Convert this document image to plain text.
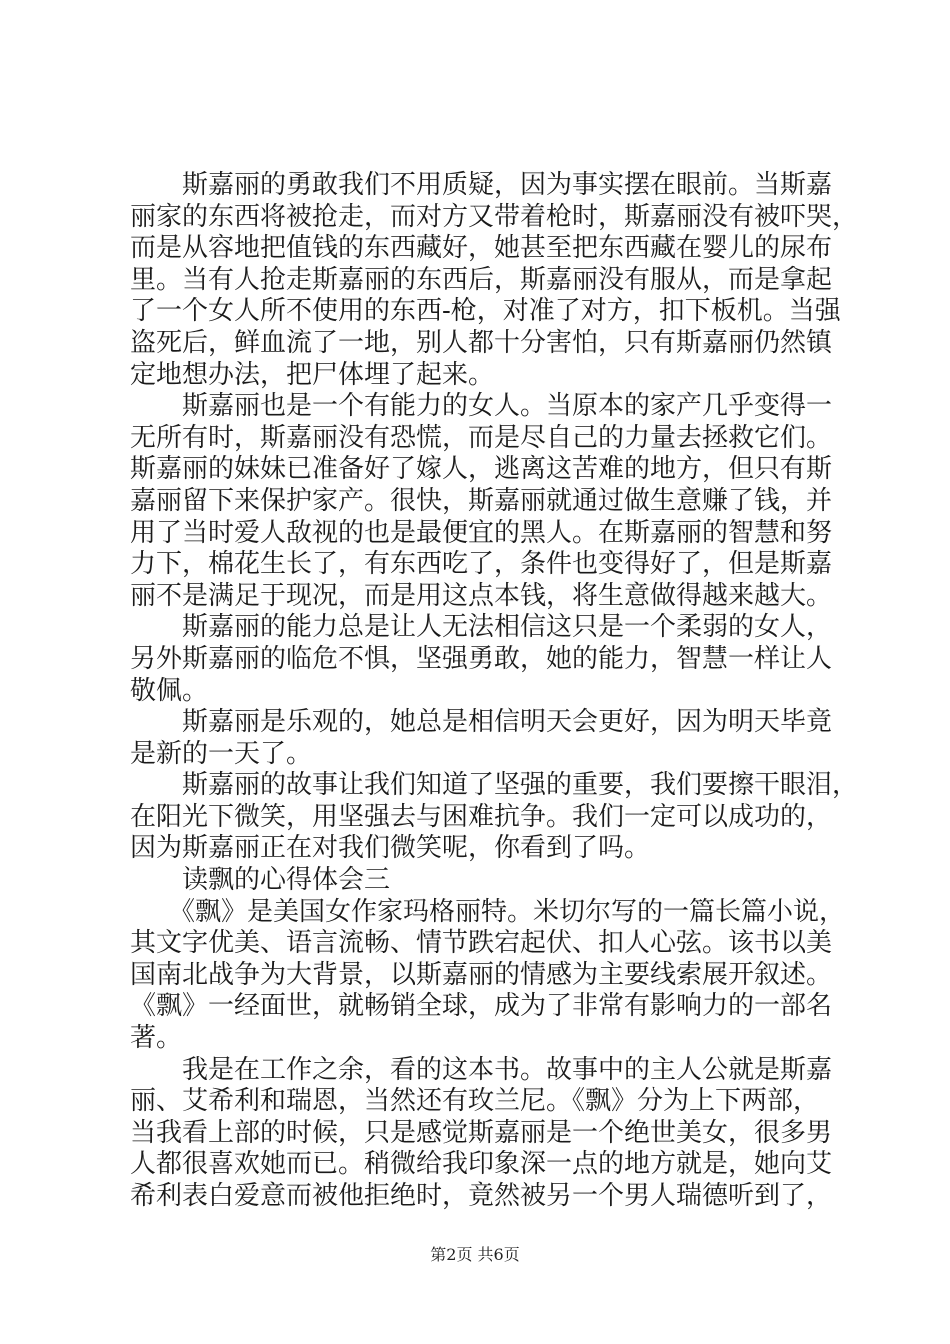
　　斯嘉丽的勇敢我们不用质疑，因为事实摆在眼前。当斯嘉
丽家的东西将被抢走，而对方又带着枪时，斯嘉丽没有被吓哭，
而是从容地把值钱的东西藏好，她甚至把东西藏在婴儿的尿布
里。当有人抢走斯嘉丽的东西后，斯嘉丽没有服从，而是拿起
了一个女人所不使用的东西-枪，对准了对方，扣下板机。当强
盗死后，鲜血流了一地，别人都十分害怕，只有斯嘉丽仍然镇
定地想办法，把尸体埋了起来。
　　斯嘉丽也是一个有能力的女人。当原本的家产几乎变得一
无所有时，斯嘉丽没有恐慌，而是尽自己的力量去拯救它们。
斯嘉丽的妹妹已准备好了嫁人，逃离这苦难的地方，但只有斯
嘉丽留下来保护家产。很快，斯嘉丽就通过做生意赚了钱，并
用了当时爱人敌视的也是最便宜的黑人。在斯嘉丽的智慧和努
力下，棉花生长了，有东西吃了，条件也变得好了，但是斯嘉
丽不是满足于现况，而是用这点本钱，将生意做得越来越大。
　　斯嘉丽的能力总是让人无法相信这只是一个柔弱的女人，
另外斯嘉丽的临危不惧，坚强勇敢，她的能力，智慧一样让人
敬佩。
　　斯嘉丽是乐观的，她总是相信明天会更好，因为明天毕竟
是新的一天了。
　　斯嘉丽的故事让我们知道了坚强的重要，我们要擦干眼泪，
在阳光下微笑，用坚强去与困难抗争。我们一定可以成功的，
因为斯嘉丽正在对我们微笑呢，你看到了吗。
　　读飘的心得体会三
　　《飘》是美国女作家玛格丽特。米切尔写的一篇长篇小说，
其文字优美、语言流畅、情节跌宕起伏、扣人心弦。该书以美
国南北战争为大背景，以斯嘉丽的情感为主要线索展开叙述。
《飘》一经面世，就畅销全球，成为了非常有影响力的一部名
著。
　　我是在工作之余，看的这本书。故事中的主人公就是斯嘉
丽、艾希利和瑞恩，当然还有玫兰尼。《飘》分为上下两部，
当我看上部的时候，只是感觉斯嘉丽是一个绝世美女，很多男
人都很喜欢她而已。稍微给我印象深一点的地方就是，她向艾
希利表白爱意而被他拒绝时，竟然被另一个男人瑞德听到了，
第2页 共6页
